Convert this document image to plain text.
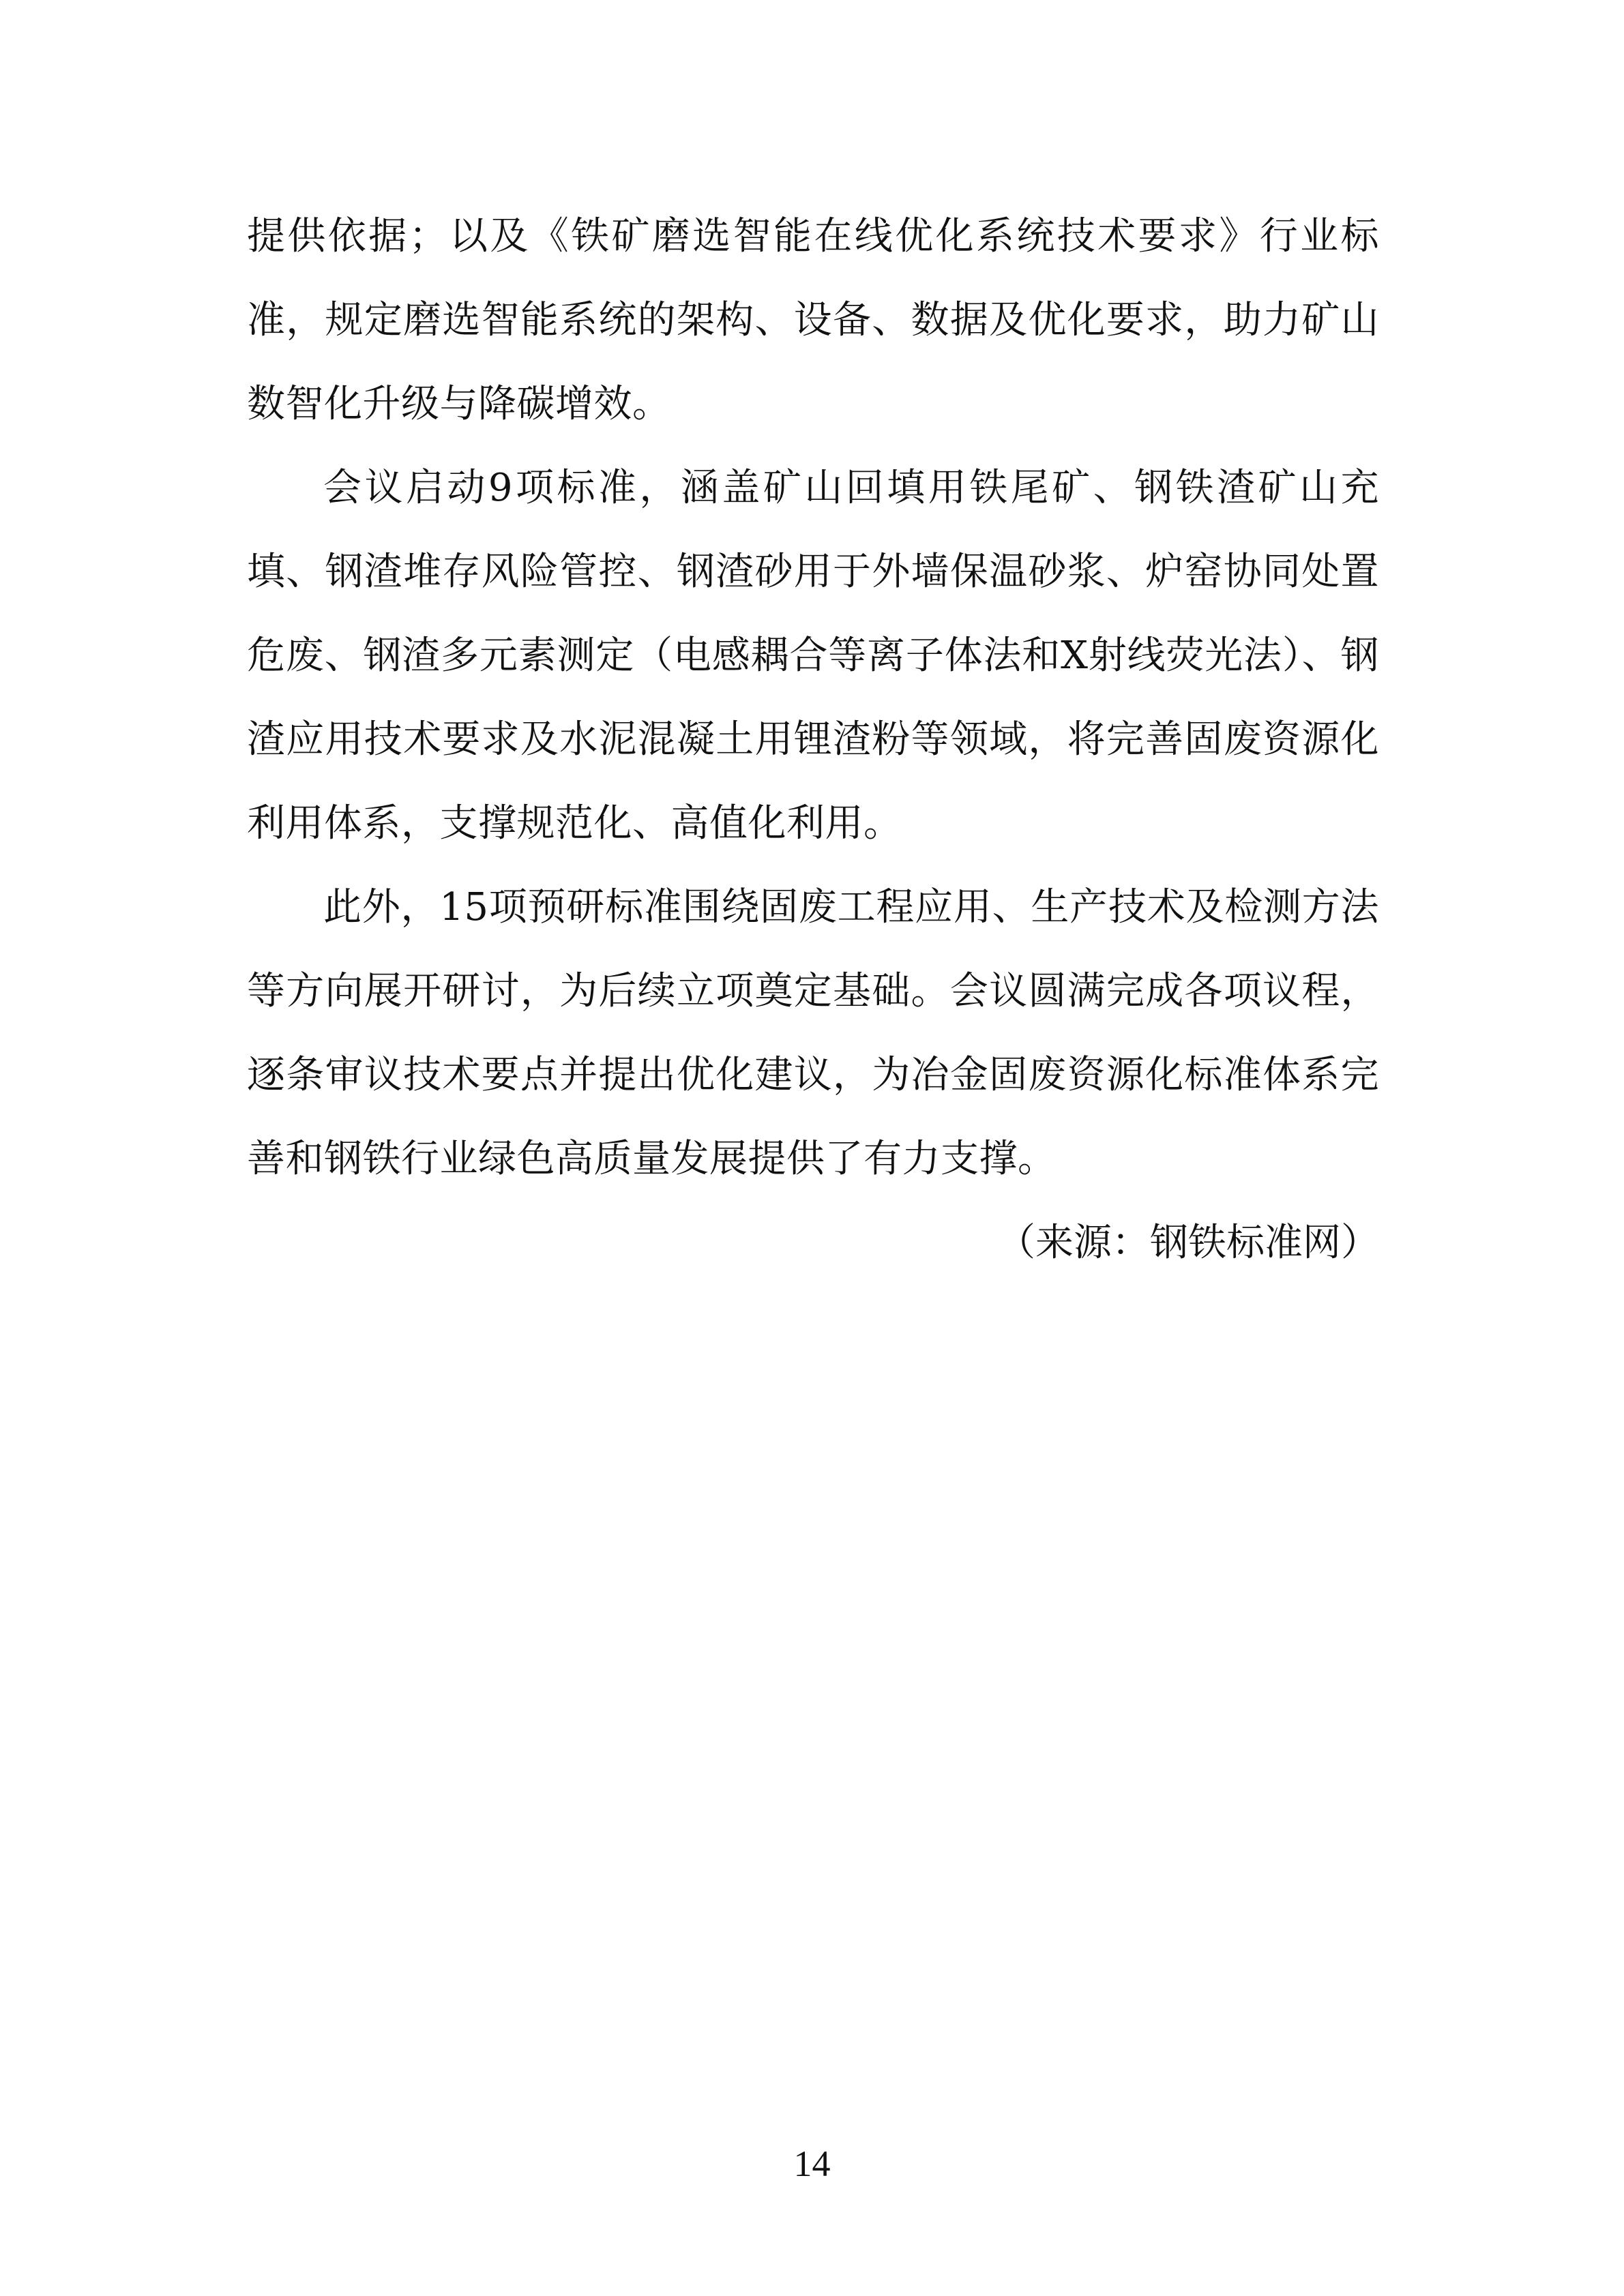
提供依据；以及《铁矿磨选智能在线优化系统技术要求》行业标准，规定磨选智能系统的架构、设备、数据及优化要求，助力矿山数智化升级与降碳增效。

会议启动9项标准，涵盖矿山回填用铁尾矿、钢铁渣矿山充填、钢渣堆存风险管控、钢渣砂用于外墙保温砂浆、炉窑协同处置危废、钢渣多元素测定（电感耦合等离子体法和X射线荧光法）、钢渣应用技术要求及水泥混凝土用锂渣粉等领域，将完善固废资源化利用体系，支撑规范化、高值化利用。

此外，15项预研标准围绕固废工程应用、生产技术及检测方法等方向展开研讨，为后续立项奠定基础。会议圆满完成各项议程，逐条审议技术要点并提出优化建议，为冶金固废资源化标准体系完善和钢铁行业绿色高质量发展提供了有力支撑。

（来源：钢铁标准网）

14
